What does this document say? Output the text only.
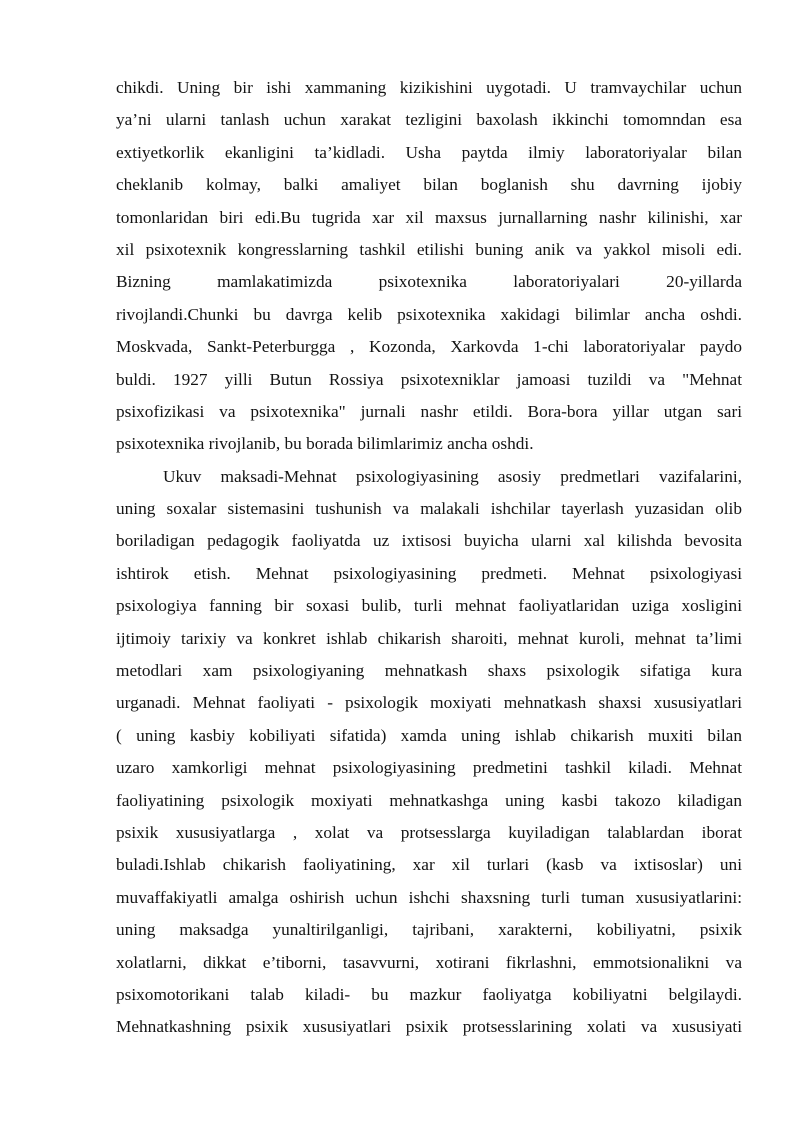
chikdi. Uning bir ishi xammaning kizikishini uygotadi. U tramvaychilar uchun
ya’ni ularni tanlash uchun xarakat tezligini baxolash ikkinchi tomomndan esa
extiyetkorlik ekanligini ta’kidladi. Usha paytda ilmiy laboratoriyalar bilan
cheklanib kolmay, balki amaliyet bilan boglanish shu davrning ijobiy
tomonlaridan biri edi.Bu tugrida xar xil maxsus jurnallarning nashr kilinishi, xar
xil psixotexnik kongresslarning tashkil etilishi buning anik va yakkol misoli edi.
Bizning mamlakatimizda psixotexnika laboratoriyalari 20-yillarda
rivojlandi.Chunki bu davrga kelib psixotexnika xakidagi bilimlar ancha oshdi.
Moskvada, Sankt-Peterburgga , Kozonda, Xarkovda 1-chi laboratoriyalar paydo
buldi. 1927 yilli Butun Rossiya psixotexniklar jamoasi tuzildi va "Mehnat
psixofizikasi va psixotexnika" jurnali nashr etildi. Bora-bora yillar utgan sari
psixotexnika rivojlanib, bu borada bilimlarimiz ancha oshdi.
Ukuv maksadi-Mehnat psixologiyasining asosiy predmetlari vazifalarini,
uning soxalar sistemasini tushunish va malakali ishchilar tayerlash yuzasidan olib
boriladigan pedagogik faoliyatda uz ixtisosi buyicha ularni xal kilishda bevosita
ishtirok etish. Mehnat psixologiyasining predmeti. Mehnat psixologiyasi
psixologiya fanning bir soxasi bulib, turli mehnat faoliyatlaridan uziga xosligini
ijtimoiy tarixiy va konkret ishlab chikarish sharoiti, mehnat kuroli, mehnat ta’limi
metodlari xam psixologiyaning mehnatkash shaxs psixologik sifatiga kura
urganadi. Mehnat faoliyati - psixologik moxiyati mehnatkash shaxsi xususiyatlari
( uning kasbiy kobiliyati sifatida) xamda uning ishlab chikarish muxiti bilan
uzaro xamkorligi mehnat psixologiyasining predmetini tashkil kiladi. Mehnat
faoliyatining psixologik moxiyati mehnatkashga uning kasbi takozo kiladigan
psixik xususiyatlarga , xolat va protsesslarga kuyiladigan talablardan iborat
buladi.Ishlab chikarish faoliyatining, xar xil turlari (kasb va ixtisoslar) uni
muvaffakiyatli amalga oshirish uchun ishchi shaxsning turli tuman xususiyatlarini:
uning maksadga yunaltirilganligi, tajribani, xarakterni, kobiliyatni, psixik
xolatlarni, dikkat e’tiborni, tasavvurni, xotirani fikrlashni, emmotsionalikni va
psixomotorikani talab kiladi- bu mazkur faoliyatga kobiliyatni belgilaydi.
Mehnatkashning psixik xususiyatlari psixik protsesslarining xolati va xususiyati
